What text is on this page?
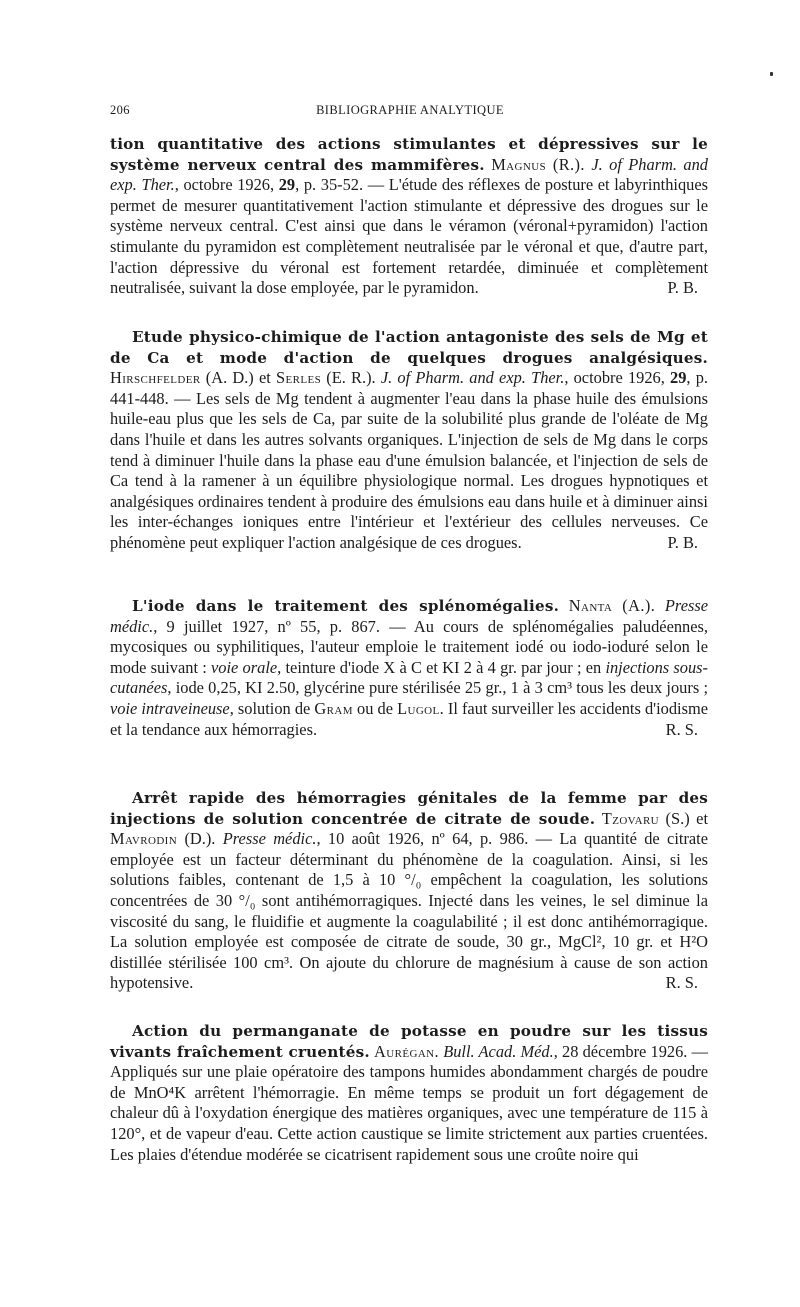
206	BIBLIOGRAPHIE ANALYTIQUE
tion quantitative des actions stimulantes et dépressives sur le système nerveux central des mammifères. Magnus (R.). J. of Pharm. and exp. Ther., octobre 1926, 29, p. 35-52. — L'étude des réflexes de posture et labyrinthiques permet de mesurer quantitativement l'action stimulante et dépressive des drogues sur le système nerveux central. C'est ainsi que dans le véramon (véronal+pyramidon) l'action stimulante du pyramidon est complètement neutralisée par le véronal et que, d'autre part, l'action dépressive du véronal est fortement retardée, diminuée et complètement neutralisée, suivant la dose employée, par le pyramidon.	P. B.
Etude physico-chimique de l'action antagoniste des sels de Mg et de Ca et mode d'action de quelques drogues analgésiques. Hirschfelder (A. D.) et Serles (E. R.). J. of Pharm. and exp. Ther., octobre 1926, 29, p. 441-448. — Les sels de Mg tendent à augmenter l'eau dans la phase huile des émulsions huile-eau plus que les sels de Ca, par suite de la solubilité plus grande de l'oléate de Mg dans l'huile et dans les autres solvants organiques. L'injection de sels de Mg dans le corps tend à diminuer l'huile dans la phase eau d'une émulsion balancée, et l'injection de sels de Ca tend à la ramener à un équilibre physiologique normal. Les drogues hypnotiques et analgésiques ordinaires tendent à produire des émulsions eau dans huile et à diminuer ainsi les inter-échanges ioniques entre l'intérieur et l'extérieur des cellules nerveuses. Ce phénomène peut expliquer l'action analgésique de ces drogues.	P. B.
L'iode dans le traitement des splénomégalies. Nanta (A.). Presse médic., 9 juillet 1927, nº 55, p. 867. — Au cours de splénomégalies paludéennes, mycosiques ou syphilitiques, l'auteur emploie le traitement iodé ou iodo-ioduré selon le mode suivant : voie orale, teinture d'iode X à C et KI 2 à 4 gr. par jour ; en injections sous-cutanées, iode 0,25, KI 2.50, glycérine pure stérilisée 25 gr., 1 à 3 cm³ tous les deux jours ; voie intraveineuse, solution de Gram ou de Lugol. Il faut surveiller les accidents d'iodisme et la tendance aux hémorragies.	R. S.
Arrêt rapide des hémorragies génitales de la femme par des injections de solution concentrée de citrate de soude. Tzovaru (S.) et Mavrodin (D.). Presse médic., 10 août 1926, nº 64, p. 986. — La quantité de citrate employée est un facteur déterminant du phénomène de la coagulation. Ainsi, si les solutions faibles, contenant de 1,5 à 10 °/₀ empêchent la coagulation, les solutions concentrées de 30 °/₀ sont antihémorragiques. Injecté dans les veines, le sel diminue la viscosité du sang, le fluidifie et augmente la coagulabilité ; il est donc antihémorragique. La solution employée est composée de citrate de soude, 30 gr., MgCl², 10 gr. et H²O distillée stérilisée 100 cm³. On ajoute du chlorure de magnésium à cause de son action hypotensive.	R. S.
Action du permanganate de potasse en poudre sur les tissus vivants fraîchement cruentés. Aurégan. Bull. Acad. Méd., 28 décembre 1926. — Appliqués sur une plaie opératoire des tampons humides abondamment chargés de poudre de MnO⁴K arrêtent l'hémorragie. En même temps se produit un fort dégagement de chaleur dû à l'oxydation énergique des matières organiques, avec une température de 115 à 120°, et de vapeur d'eau. Cette action caustique se limite strictement aux parties cruentées. Les plaies d'étendue modérée se cicatrisent rapidement sous une croûte noire qui
